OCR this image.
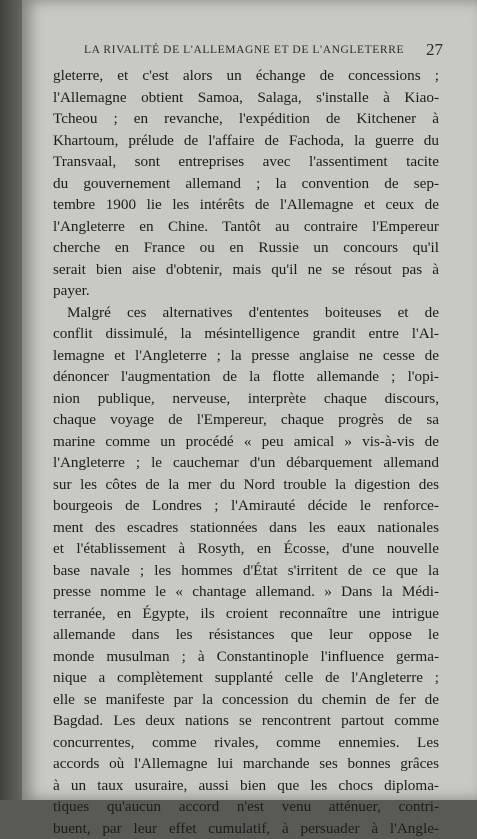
LA RIVALITÉ DE L'ALLEMAGNE ET DE L'ANGLETERRE 27
gleterre, et c'est alors un échange de concessions ;
l'Allemagne obtient Samoa, Salaga, s'installe à Kiao-
Tcheou ; en revanche, l'expédition de Kitchener à
Khartoum, prélude de l'affaire de Fachoda, la guerre du
Transvaal, sont entreprises avec l'assentiment tacite
du gouvernement allemand ; la convention de sep-
tembre 1900 lie les intérêts de l'Allemagne et ceux de
l'Angleterre en Chine. Tantôt au contraire l'Empereur
cherche en France ou en Russie un concours qu'il
serait bien aise d'obtenir, mais qu'il ne se résout pas à
payer.
Malgré ces alternatives d'ententes boiteuses et de
conflit dissimulé, la mésintelligence grandit entre l'Al-
lemagne et l'Angleterre ; la presse anglaise ne cesse de
dénoncer l'augmentation de la flotte allemande ; l'opi-
nion publique, nerveuse, interprète chaque discours,
chaque voyage de l'Empereur, chaque progrès de sa
marine comme un procédé « peu amical » vis-à-vis de
l'Angleterre ; le cauchemar d'un débarquement allemand
sur les côtes de la mer du Nord trouble la digestion des
bourgeois de Londres ; l'Amirauté décide le renforce-
ment des escadres stationnées dans les eaux nationales
et l'établissement à Rosyth, en Écosse, d'une nouvelle
base navale ; les hommes d'État s'irritent de ce que la
presse nomme le « chantage allemand. » Dans la Médi-
terranée, en Égypte, ils croient reconnaître une intrigue
allemande dans les résistances que leur oppose le
monde musulman ; à Constantinople l'influence germa-
nique a complètement supplanté celle de l'Angleterre ;
elle se manifeste par la concession du chemin de fer de
Bagdad. Les deux nations se rencontrent partout comme
concurrentes, comme rivales, comme ennemies. Les
accords où l'Allemagne lui marchande ses bonnes grâces
à un taux usuraire, aussi bien que les chocs diploma-
tiques qu'aucun accord n'est venu atténuer, contri-
buent, par leur effet cumulatif, à persuader à l'Angle-
